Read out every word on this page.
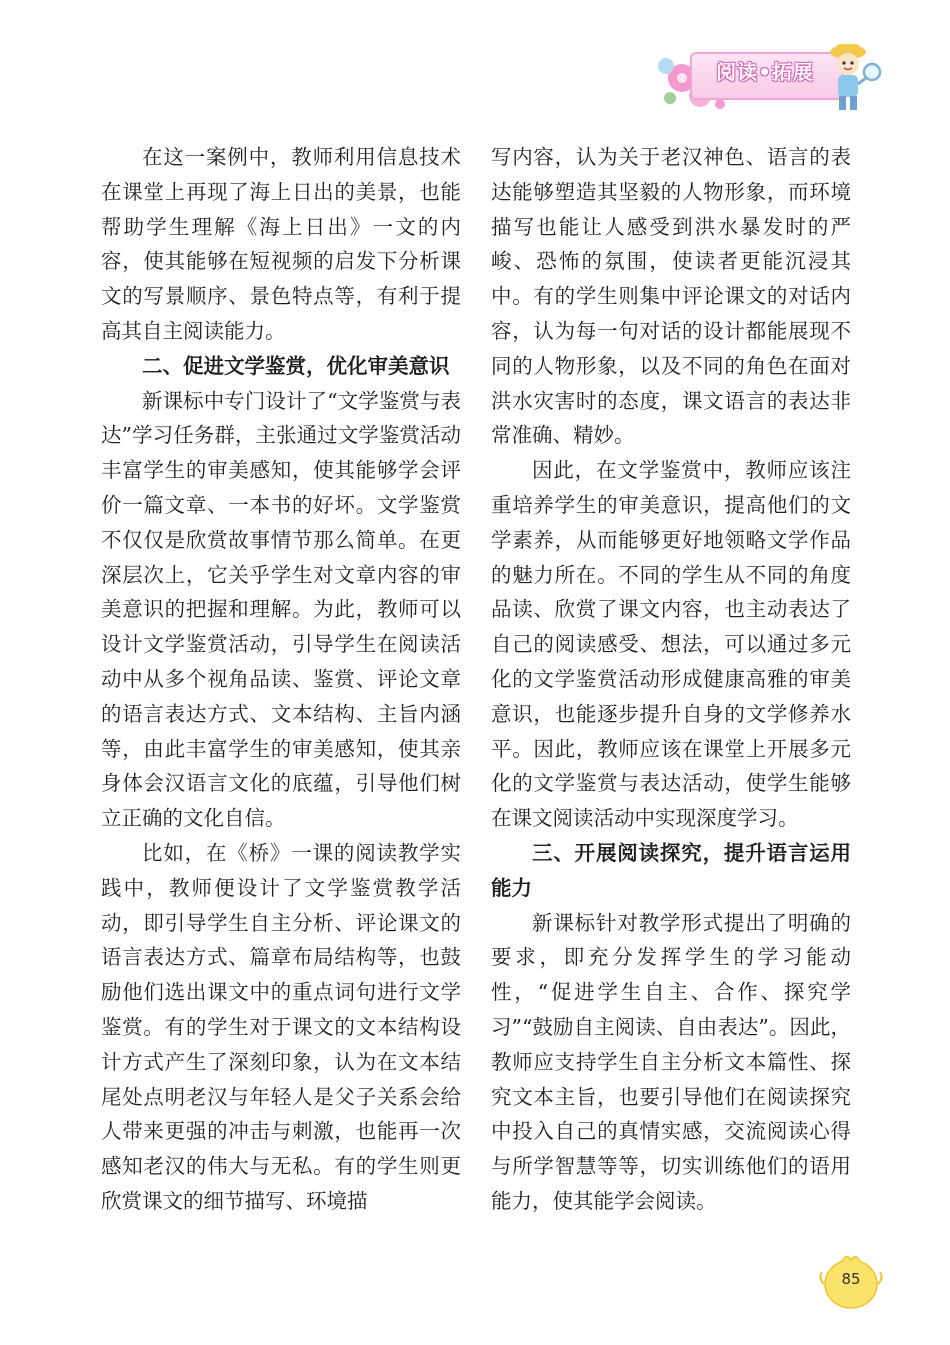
阅读•拓展

在这一案例中，教师利用信息技术在课堂上再现了海上日出的美景，也能帮助学生理解《海上日出》一文的内容，使其能够在短视频的启发下分析课文的写景顺序、景色特点等，有利于提高其自主阅读能力。

二、促进文学鉴赏，优化审美意识

新课标中专门设计了“文学鉴赏与表达”学习任务群，主张通过文学鉴赏活动丰富学生的审美感知，使其能够学会评价一篇文章、一本书的好坏。文学鉴赏不仅仅是欣赏故事情节那么简单。在更深层次上，它关乎学生对文章内容的审美意识的把握和理解。为此，教师可以设计文学鉴赏活动，引导学生在阅读活动中从多个视角品读、鉴赏、评论文章的语言表达方式、文本结构、主旨内涵等，由此丰富学生的审美感知，使其亲身体会汉语言文化的底蕴，引导他们树立正确的文化自信。

比如，在《桥》一课的阅读教学实践中，教师便设计了文学鉴赏教学活动，即引导学生自主分析、评论课文的语言表达方式、篇章布局结构等，也鼓励他们选出课文中的重点词句进行文学鉴赏。有的学生对于课文的文本结构设计方式产生了深刻印象，认为在文本结尾处点明老汉与年轻人是父子关系会给人带来更强的冲击与刺激，也能再一次感知老汉的伟大与无私。有的学生则更欣赏课文的细节描写、环境描

写内容，认为关于老汉神色、语言的表达能够塑造其坚毅的人物形象，而环境描写也能让人感受到洪水暴发时的严峻、恐怖的氛围，使读者更能沉浸其中。有的学生则集中评论课文的对话内容，认为每一句对话的设计都能展现不同的人物形象，以及不同的角色在面对洪水灾害时的态度，课文语言的表达非常准确、精妙。

因此，在文学鉴赏中，教师应该注重培养学生的审美意识，提高他们的文学素养，从而能够更好地领略文学作品的魅力所在。不同的学生从不同的角度品读、欣赏了课文内容，也主动表达了自己的阅读感受、想法，可以通过多元化的文学鉴赏活动形成健康高雅的审美意识，也能逐步提升自身的文学修养水平。因此，教师应该在课堂上开展多元化的文学鉴赏与表达活动，使学生能够在课文阅读活动中实现深度学习。

三、开展阅读探究，提升语言运用能力

新课标针对教学形式提出了明确的要求，即充分发挥学生的学习能动性，“促进学生自主、合作、探究学习”“鼓励自主阅读、自由表达”。因此，教师应支持学生自主分析文本篇性、探究文本主旨，也要引导他们在阅读探究中投入自己的真情实感，交流阅读心得与所学智慧等等，切实训练他们的语用能力，使其能学会阅读。

85
